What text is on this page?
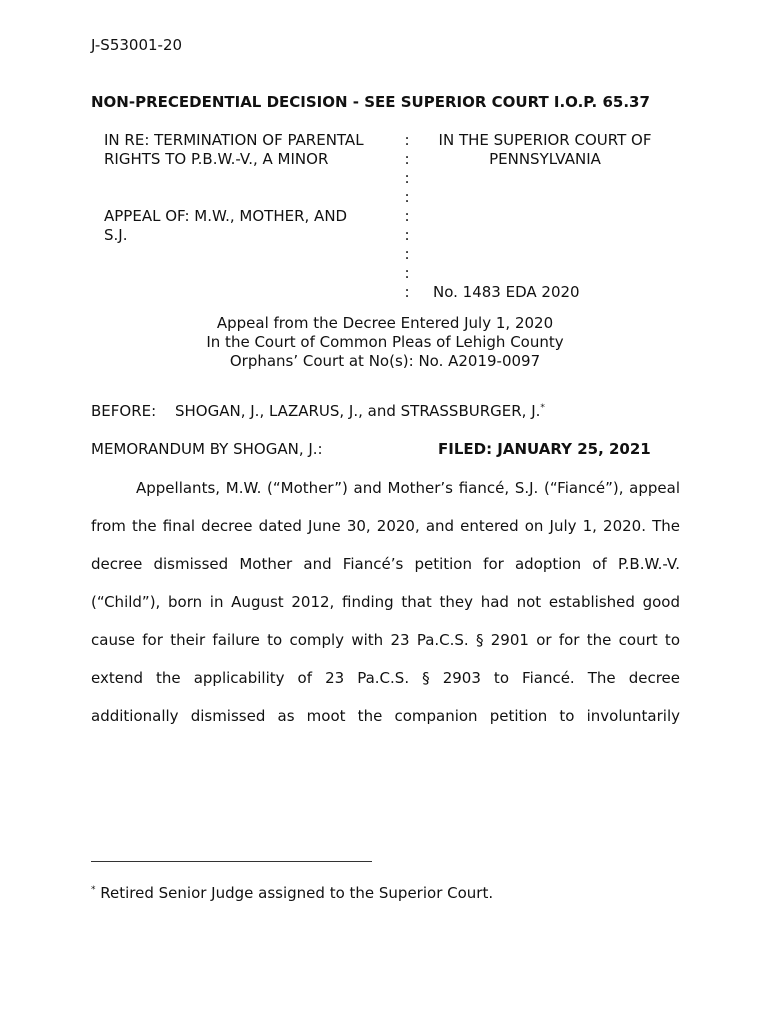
J-S53001-20
NON-PRECEDENTIAL DECISION - SEE SUPERIOR COURT I.O.P. 65.37
IN RE: TERMINATION OF PARENTAL
RIGHTS TO P.B.W.-V., A MINOR
APPEAL OF: M.W., MOTHER, AND
S.J.
:
:
:
:
:
:
:
:
:
IN THE SUPERIOR COURT OF
PENNSYLVANIA
No. 1483 EDA 2020
Appeal from the Decree Entered July 1, 2020
In the Court of Common Pleas of Lehigh County
Orphans’ Court at No(s): No. A2019-0097
BEFORE: SHOGAN, J., LAZARUS, J., and STRASSBURGER, J.*
MEMORANDUM BY SHOGAN, J.:	FILED: JANUARY 25, 2021
Appellants, M.W. (“Mother”) and Mother’s fiancé, S.J. (“Fiancé”), appeal
from the final decree dated June 30, 2020, and entered on July 1, 2020. The
decree dismissed Mother and Fiancé’s petition for adoption of P.B.W.-V.
(“Child”), born in August 2012, finding that they had not established good
cause for their failure to comply with 23 Pa.C.S. § 2901 or for the court to
extend the applicability of 23 Pa.C.S. § 2903 to Fiancé. The decree
additionally dismissed as moot the companion petition to involuntarily
* Retired Senior Judge assigned to the Superior Court.
